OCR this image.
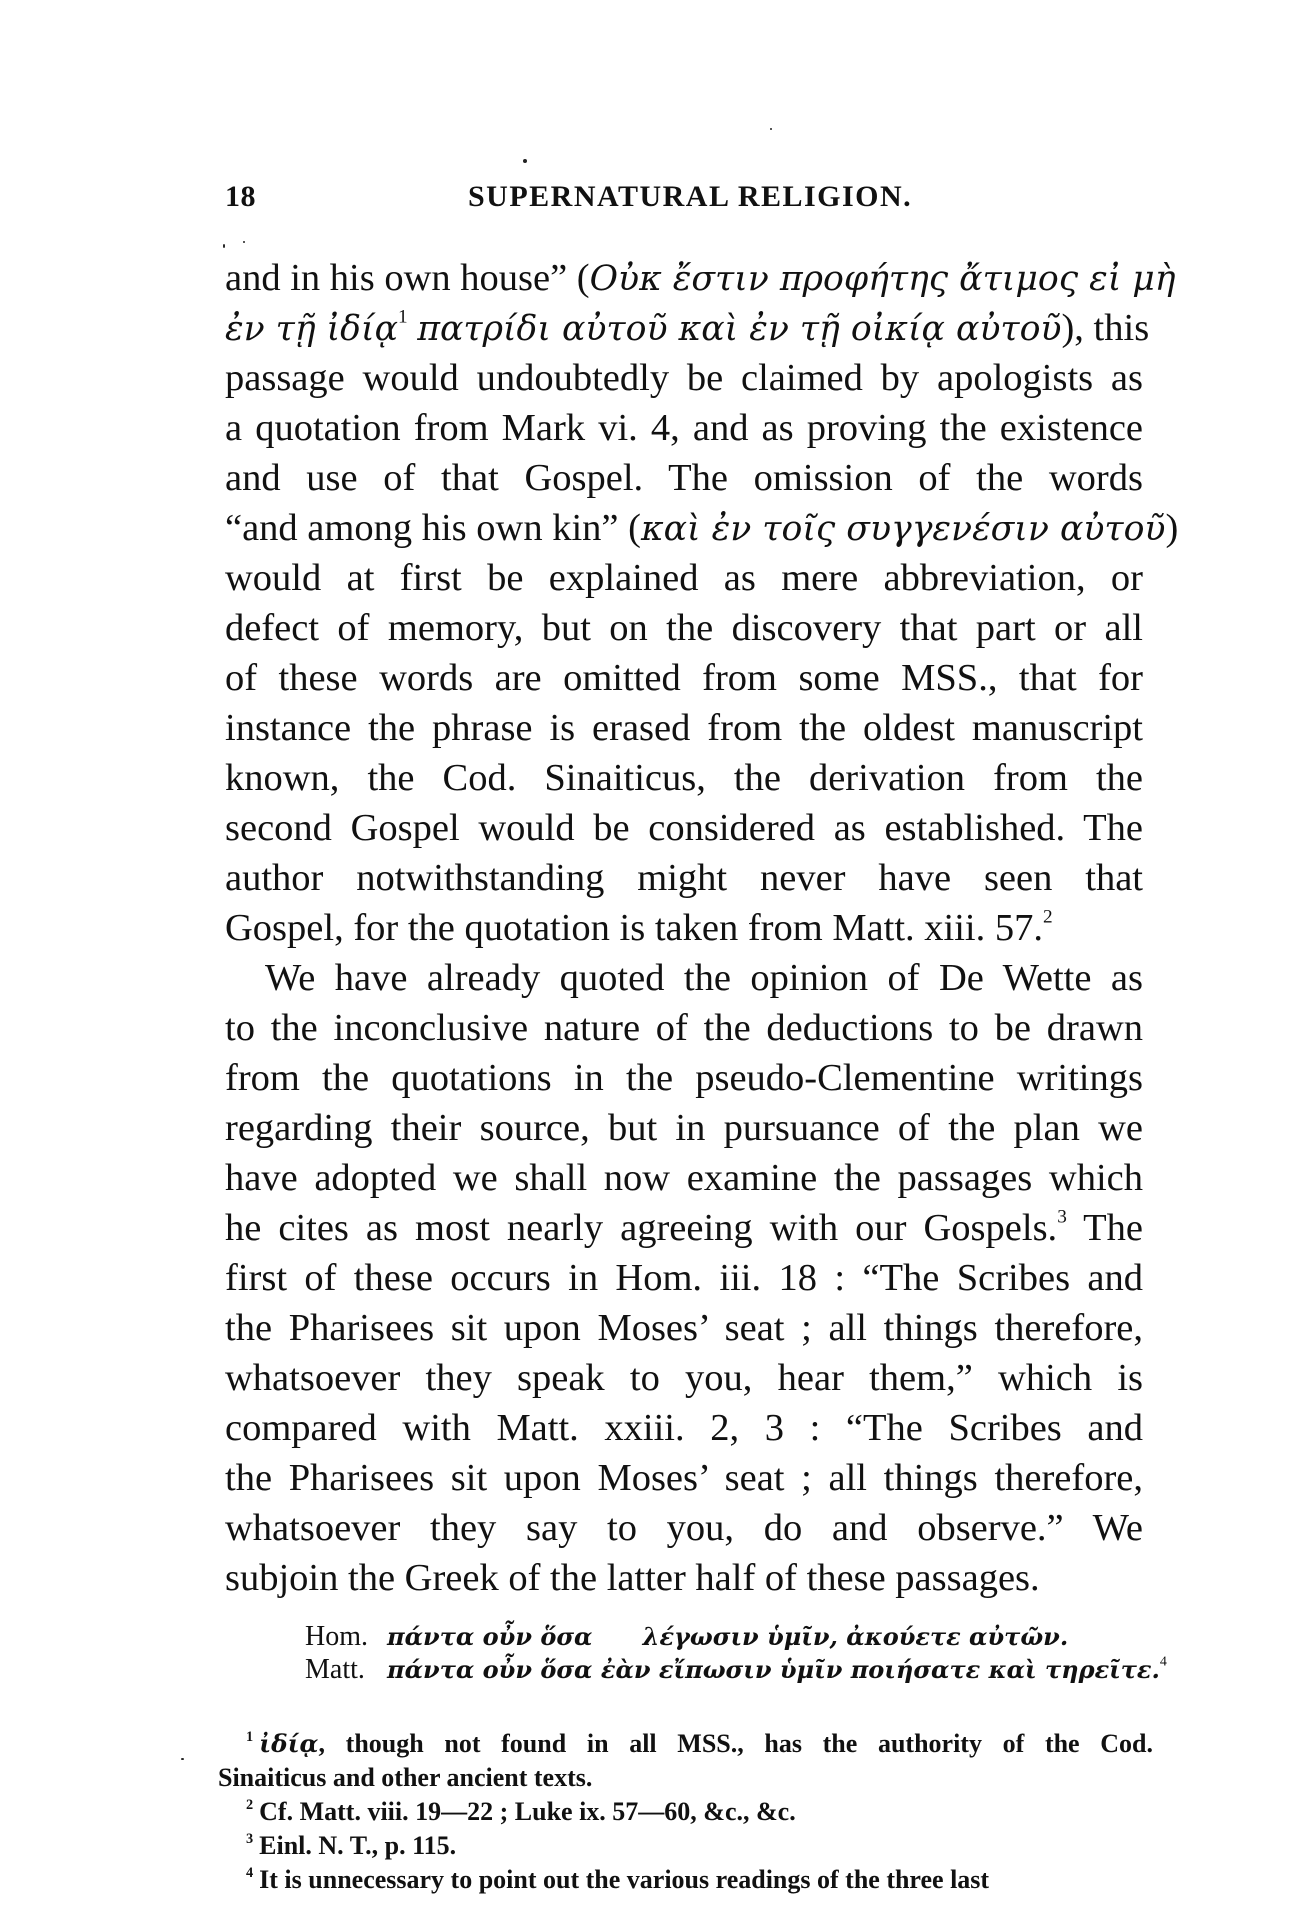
18	SUPERNATURAL RELIGION.
and in his own house” (Οὐκ ἔστιν προφήτης ἄτιμος εἰ μὴ
ἐν τῇ ἰδίᾳ$^1$ πατρίδι αὐτοῦ καὶ ἐν τῇ οἰκίᾳ αὐτοῦ), this
passage would undoubtedly be claimed by apologists as
a quotation from Mark vi. 4, and as proving the existence
and use of that Gospel. The omission of the words
“and among his own kin” (καὶ ἐν τοῖς συγγενέσιν αὐτοῦ)
would at first be explained as mere abbreviation, or
defect of memory, but on the discovery that part or all
of these words are omitted from some MSS., that for
instance the phrase is erased from the oldest manuscript
known, the Cod. Sinaiticus, the derivation from the
second Gospel would be considered as established. The
author notwithstanding might never have seen that
Gospel, for the quotation is taken from Matt. xiii. 57.$^2$
We have already quoted the opinion of De Wette as
to the inconclusive nature of the deductions to be drawn
from the quotations in the pseudo-Clementine writings
regarding their source, but in pursuance of the plan we
have adopted we shall now examine the passages which
he cites as most nearly agreeing with our Gospels.$^3$ The
first of these occurs in Hom. iii. 18 : “The Scribes and
the Pharisees sit upon Moses’ seat ; all things therefore,
whatsoever they speak to you, hear them,” which is
compared with Matt. xxiii. 2, 3 : “The Scribes and
the Pharisees sit upon Moses’ seat ; all things therefore,
whatsoever they say to you, do and observe.” We
subjoin the Greek of the latter half of these passages.
Hom. πάντα οὖν ὅσα      λέγωσιν ὑμῖν, ἀκούετε αὐτῶν.
Matt. πάντα οὖν ὅσα ἐὰν εἴπωσιν ὑμῖν ποιήσατε καὶ τηρεῖτε.$^4$
$^1$ ἰδίᾳ, though not found in all MSS., has the authority of the Cod.
Sinaiticus and other ancient texts.
$^2$ Cf. Matt. viii. 19—22 ; Luke ix. 57—60, &c., &c.
$^3$ Einl. N. T., p. 115.
$^4$ It is unnecessary to point out the various readings of the three last
